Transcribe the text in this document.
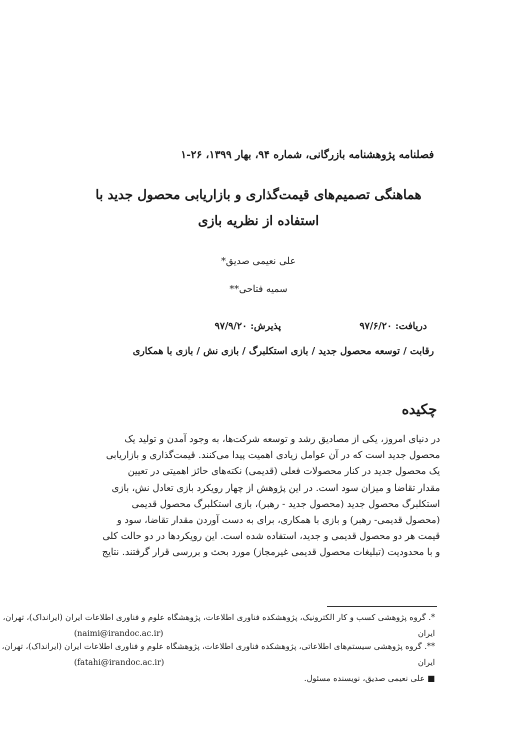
فصلنامه پژوهشنامه بازرگانی، شماره ۹۴، بهار ۱۳۹۹، ۲۶-۱
هماهنگی تصمیم‌های قیمت‌گذاری و بازاریابی محصول جدید با
استفاده از نظریه بازی
علی نعیمی صدیق*
سمیه فتاحی**
دریافت: ۹۷/۶/۲۰
پذیرش: ۹۷/۹/۲۰
رقابت / توسعه محصول جدید / بازی استکلبرگ / بازی نش / بازی با همکاری
چکیده
در دنیای امروز، یکی از مصادیق رشد و توسعه شرکت‌ها، به وجود آمدن و تولید یک
محصول جدید است که در آن عوامل زیادی اهمیت پیدا می‌کنند. قیمت‌گذاری و بازاریابی
یک محصول جدید در کنار محصولات فعلی (قدیمی) نکته‌های حائز اهمیتی در تعیین
مقدار تقاضا و میزان سود است. در این پژوهش از چهار رویکرد بازی تعادل نش، بازی
استکلبرگ محصول جدید (محصول جدید - رهبر)، بازی استکلبرگ محصول قدیمی
(محصول قدیمی- رهبر) و بازی با همکاری، برای به دست آوردن مقدار تقاضا، سود و
قیمت هر دو محصول قدیمی و جدید، استفاده شده است. این رویکردها در دو حالت کلی
و با محدودیت (تبلیغات محصول قدیمی غیرمجاز) مورد بحث و بررسی قرار گرفتند. نتایج
*. گروه پژوهشی کسب و کار الکترونیک، پژوهشکده فناوری اطلاعات، پژوهشگاه علوم و فناوری اطلاعات ایران (ایرانداک)، تهران،
ایران
(naimi@irandoc.ac.ir)
**. گروه پژوهشی سیستم‌های اطلاعاتی، پژوهشکده فناوری اطلاعات، پژوهشگاه علوم و فناوری اطلاعات ایران (ایرانداک)، تهران،
ایران
(fatahi@irandoc.ac.ir)
■ علی نعیمی صدیق، نویسنده مسئول.
